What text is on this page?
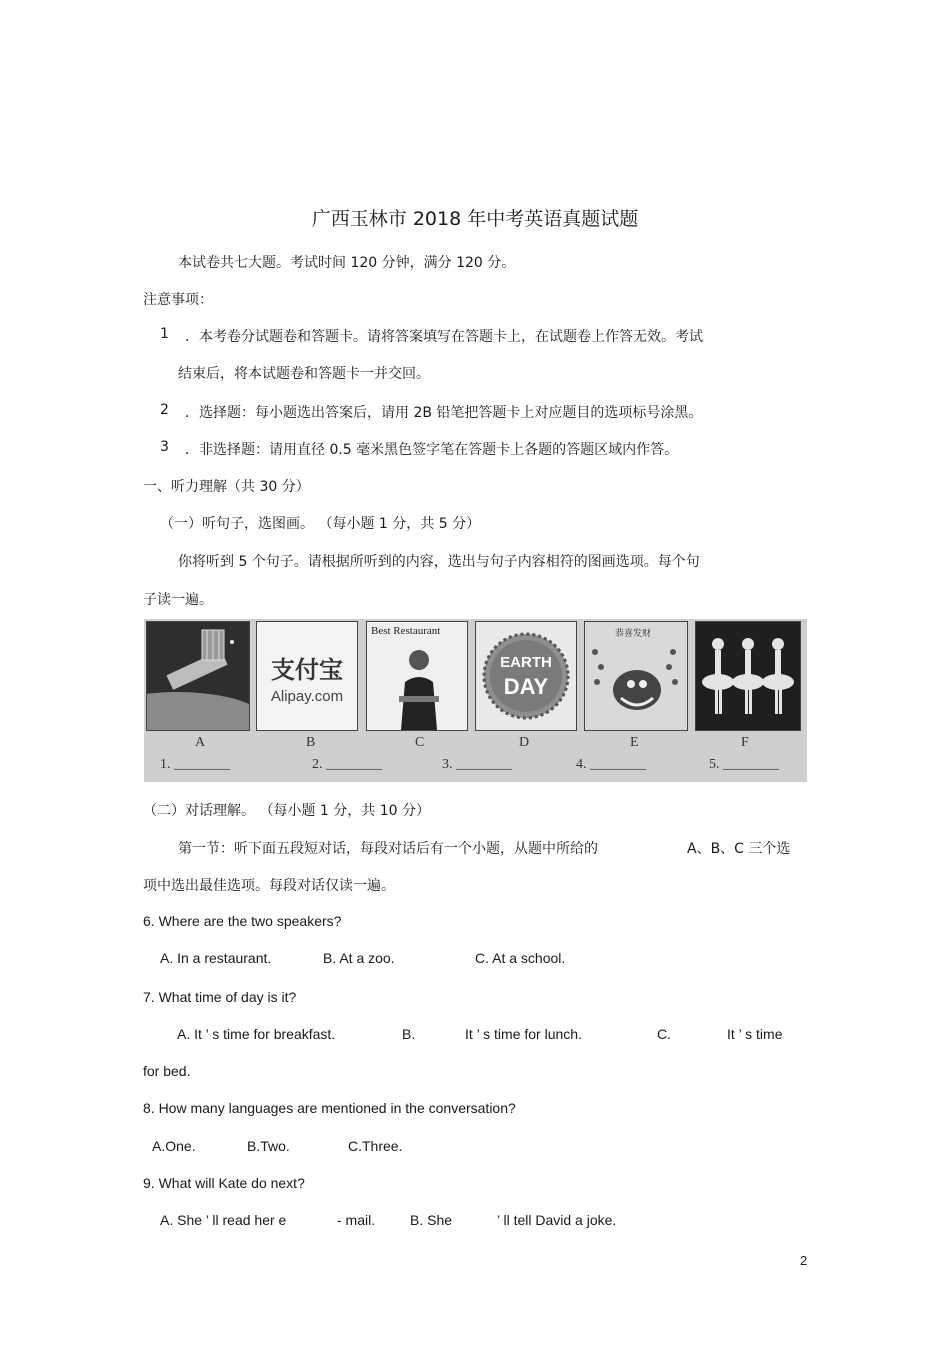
广西玉林市 2018 年中考英语真题试题
本试卷共七大题。考试时间 120 分钟，满分 120 分。
注意事项：
1 ．本考卷分试题卷和答题卡。请将答案填写在答题卡上，在试题卷上作答无效。考试
结束后，将本试题卷和答题卡一并交回。
2 ．选择题：每小题选出答案后，请用 2B 铅笔把答题卡上对应题目的选项标号涂黑。
3 ．非选择题：请用直径 0.5 毫米黑色签字笔在答题卡上各题的答题区域内作答。
一、听力理解（共 30 分）
（一）听句子，选图画。 （每小题 1 分，共 5 分）
你将听到 5 个句子。请根据所听到的内容，选出与句子内容相符的图画选项。每个句
子读一遍。
支付宝
Alipay.com
Best Restaurant
EARTH
DAY
恭喜发财
A	B	C	D	E	F
1. ________	2. ________	3. ________	4. ________	5. ________
（二）对话理解。 （每小题 1 分，共 10 分）
第一节：听下面五段短对话，每段对话后有一个小题，从题中所给的	A、B、C 三个选
项中选出最佳选项。每段对话仅读一遍。
6. Where are the two speakers?
A. In a restaurant.	B. At a zoo.	C. At a school.
7. What time of day is it?
A. It ’ s time for breakfast.	B.	It ’ s time for lunch.	C.	It ’ s time
for bed.
8. How many languages are mentioned in the conversation?
A.One.	B.Two.	C.Three.
9. What will Kate do next?
A. She ’ ll read her e	- mail. B. She	’ ll tell David a joke.
2
